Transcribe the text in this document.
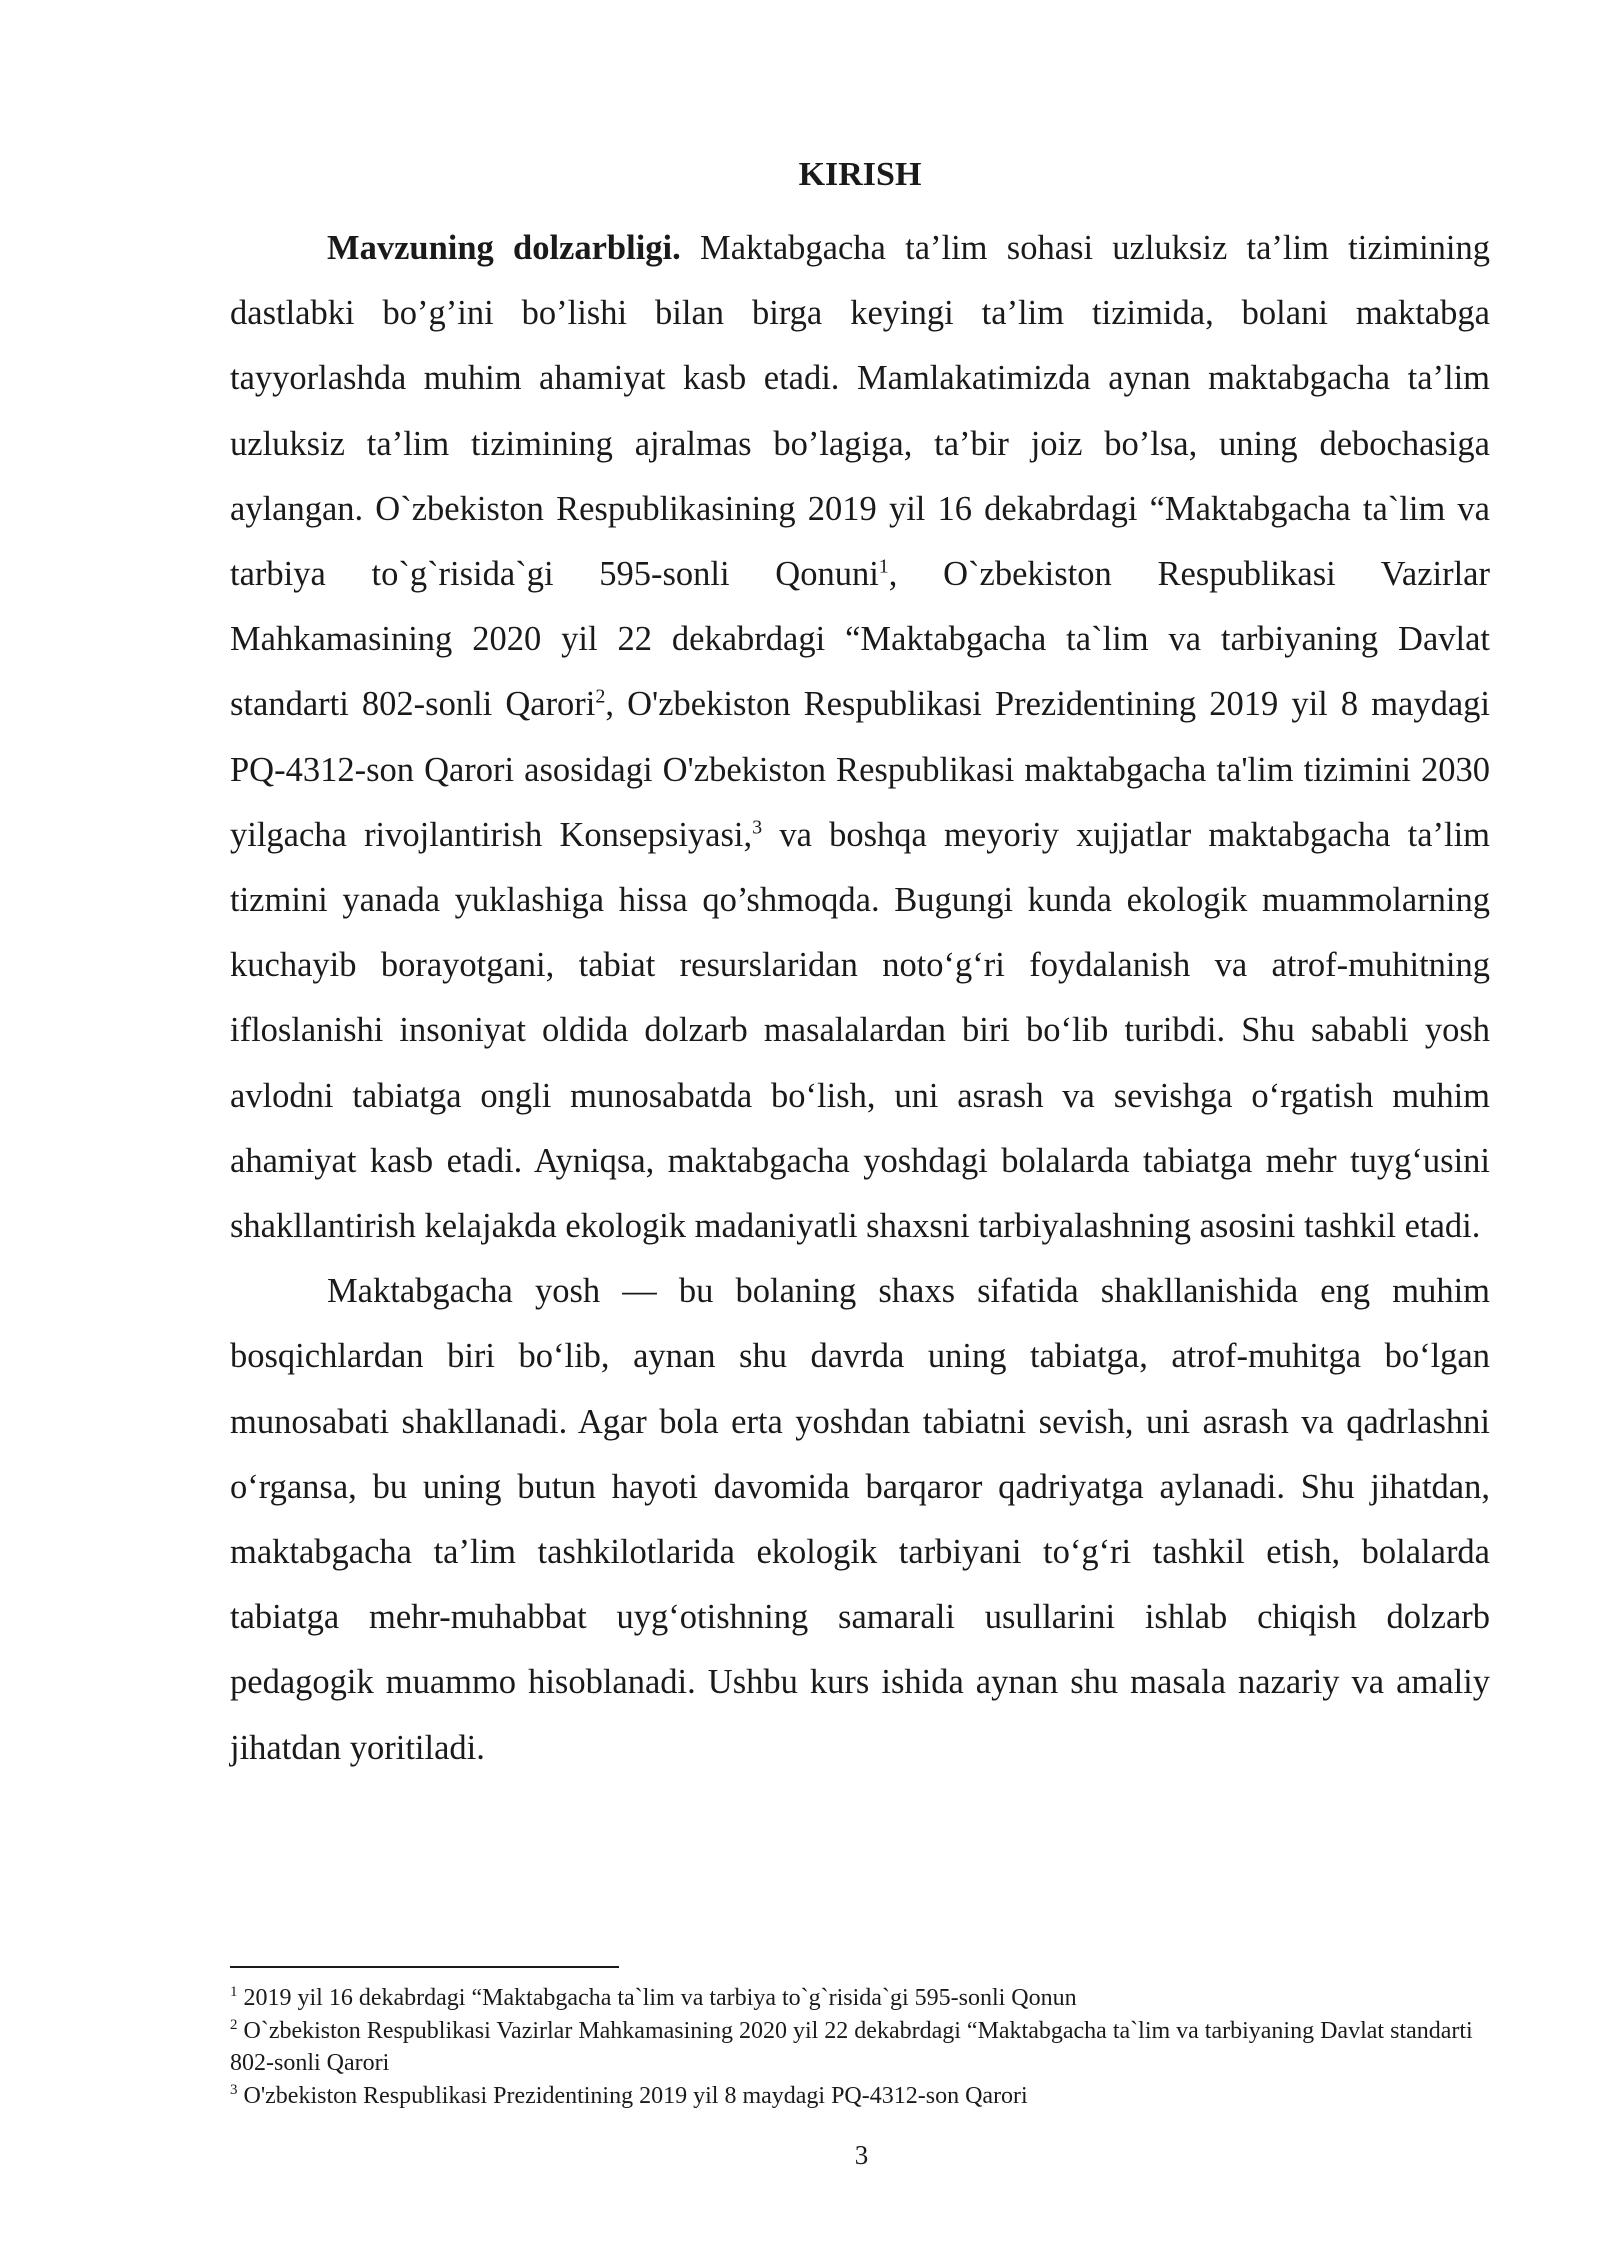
KIRISH

Mavzuning dolzarbligi. Maktabgacha ta’lim sohasi uzluksiz ta’lim tizimining dastlabki bo’g’ini bo’lishi bilan birga keyingi ta’lim tizimida, bolani maktabga tayyorlashda muhim ahamiyat kasb etadi. Mamlakatimizda aynan maktabgacha ta’lim uzluksiz ta’lim tizimining ajralmas bo’lagiga, ta’bir joiz bo’lsa, uning debochasiga aylangan. O`zbekiston Respublikasining 2019 yil 16 dekabrdagi “Maktabgacha ta`lim va tarbiya to`g`risida`gi 595-sonli Qonuni$^1$, O`zbekiston Respublikasi Vazirlar Mahkamasining 2020 yil 22 dekabrdagi “Maktabgacha ta`lim va tarbiyaning Davlat standarti 802-sonli Qarori$^2$, O'zbekiston Respublikasi Prezidentining 2019 yil 8 maydagi PQ-4312-son Qarori asosidagi O'zbekiston Respublikasi maktabgacha ta'lim tizimini 2030 yilgacha rivojlantirish Konsepsiyasi,$^3$ va boshqa meyoriy xujjatlar maktabgacha ta’lim tizmini yanada yuklashiga hissa qo’shmoqda. Bugungi kunda ekologik muammolarning kuchayib borayotgani, tabiat resurslaridan noto‘g‘ri foydalanish va atrof-muhitning ifloslanishi insoniyat oldida dolzarb masalalardan biri bo‘lib turibdi. Shu sababli yosh avlodni tabiatga ongli munosabatda bo‘lish, uni asrash va sevishga o‘rgatish muhim ahamiyat kasb etadi. Ayniqsa, maktabgacha yoshdagi bolalarda tabiatga mehr tuyg‘usini shakllantirish kelajakda ekologik madaniyatli shaxsni tarbiyalashning asosini tashkil etadi.

Maktabgacha yosh — bu bolaning shaxs sifatida shakllanishida eng muhim bosqichlardan biri bo‘lib, aynan shu davrda uning tabiatga, atrof-muhitga bo‘lgan munosabati shakllanadi. Agar bola erta yoshdan tabiatni sevish, uni asrash va qadrlashni o‘rgansa, bu uning butun hayoti davomida barqaror qadriyatga aylanadi. Shu jihatdan, maktabgacha ta’lim tashkilotlarida ekologik tarbiyani to‘g‘ri tashkil etish, bolalarda tabiatga mehr-muhabbat uyg‘otishning samarali usullarini ishlab chiqish dolzarb pedagogik muammo hisoblanadi. Ushbu kurs ishida aynan shu masala nazariy va amaliy jihatdan yoritiladi.

$^1$ 2019 yil 16 dekabrdagi “Maktabgacha ta`lim va tarbiya to`g`risida`gi 595-sonli Qonun

$^2$ O`zbekiston Respublikasi Vazirlar Mahkamasining 2020 yil 22 dekabrdagi “Maktabgacha ta`lim va tarbiyaning Davlat standarti 802-sonli Qarori

$^3$ O'zbekiston Respublikasi Prezidentining 2019 yil 8 maydagi PQ-4312-son Qarori

3
